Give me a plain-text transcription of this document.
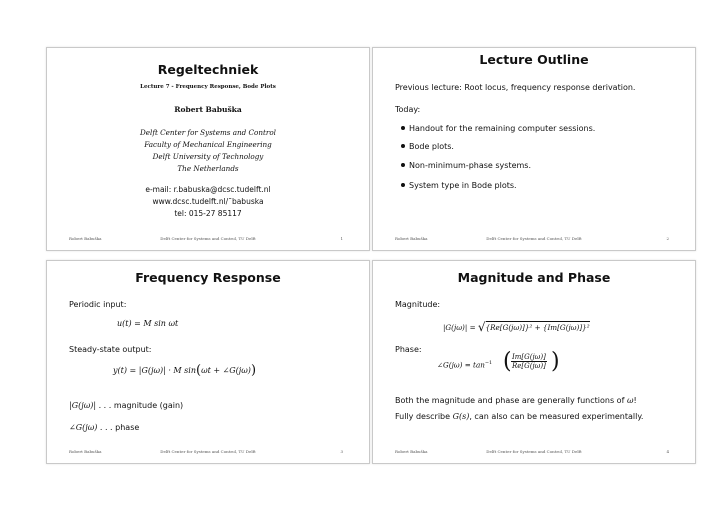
Regeltechniek
Lecture 7 - Frequency Response, Bode Plots
Robert Babuška
Delft Center for Systems and Control
Faculty of Mechanical Engineering
Delft University of Technology
The Netherlands
e-mail: r.babuska@dcsc.tudelft.nl
www.dcsc.tudelft.nl/˜babuska
tel: 015-27 85117
Robert Babuška	Delft Center for Systems and Control, TU Delft	1
Lecture Outline
Previous lecture: Root locus, frequency response derivation.
Today:
Handout for the remaining computer sessions.
Bode plots.
Non-minimum-phase systems.
System type in Bode plots.
Robert Babuška	Delft Center for Systems and Control, TU Delft	2
Frequency Response
Periodic input:
u(t) = M sin ωt
Steady-state output:
y(t) = |G(jω)| · M sin(ωt + ∠G(jω))
|G(jω)| . . . magnitude (gain)
∠G(jω) . . . phase
Robert Babuška	Delft Center for Systems and Control, TU Delft	3
Magnitude and Phase
Magnitude:
|G(jω)| = √{Re[G(jω)]}² + {Im[G(jω)]}²
Phase:
∠G(jω) = $\tan^{-1}$ ( $\frac{Im[G(j\omega)]}{Re[G(j\omega)]}$ )
Both the magnitude and phase are generally functions of ω!
Fully describe G(s), can also can be measured experimentally.
Robert Babuška	Delft Center for Systems and Control, TU Delft	4
